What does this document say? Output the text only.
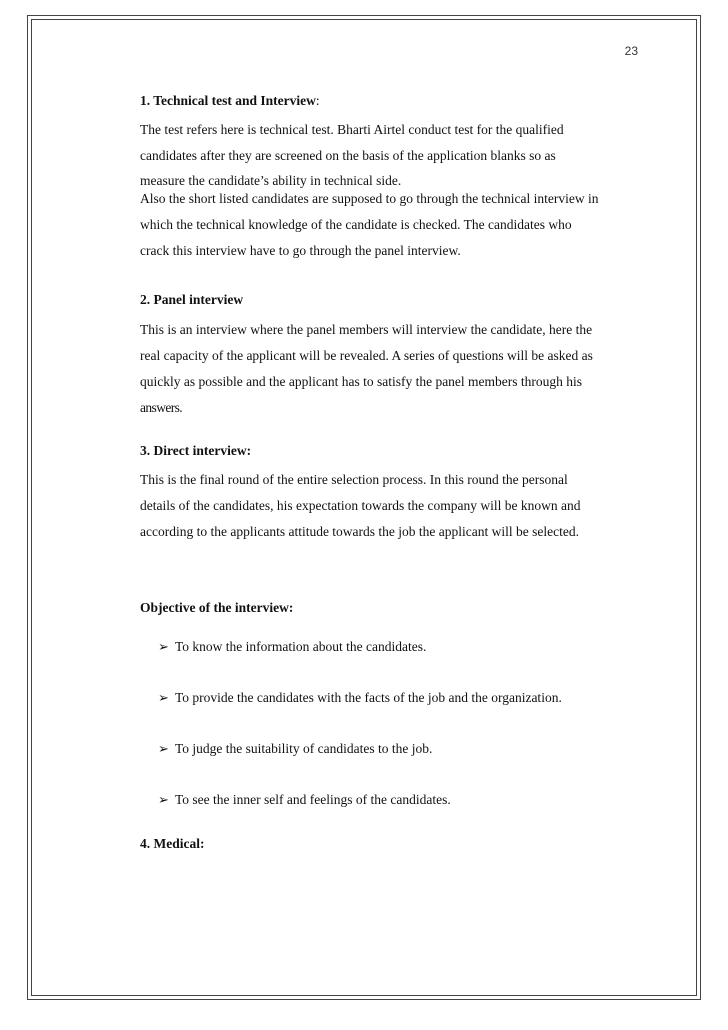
23

1. Technical test and Interview:

The test refers here is technical test. Bharti Airtel conduct test for the qualified
candidates after they are screened on the basis of the application blanks so as
measure the candidate’s ability in technical side.
Also the short listed candidates are supposed to go through the technical interview in
which the technical knowledge of the candidate is checked. The candidates who
crack this interview have to go through the panel interview.

2. Panel interview

This is an interview where the panel members will interview the candidate, here the
real capacity of the applicant will be revealed. A series of questions will be asked as
quickly as possible and the applicant has to satisfy the panel members through his
answers.

3. Direct interview:

This is the final round of the entire selection process. In this round the personal
details of the candidates, his expectation towards the company will be known and
according to the applicants attitude towards the job the applicant will be selected.

Objective of the interview:

➢ To know the information about the candidates.
➢ To provide the candidates with the facts of the job and the organization.
➢ To judge the suitability of candidates to the job.
➢ To see the inner self and feelings of the candidates.

4. Medical:
